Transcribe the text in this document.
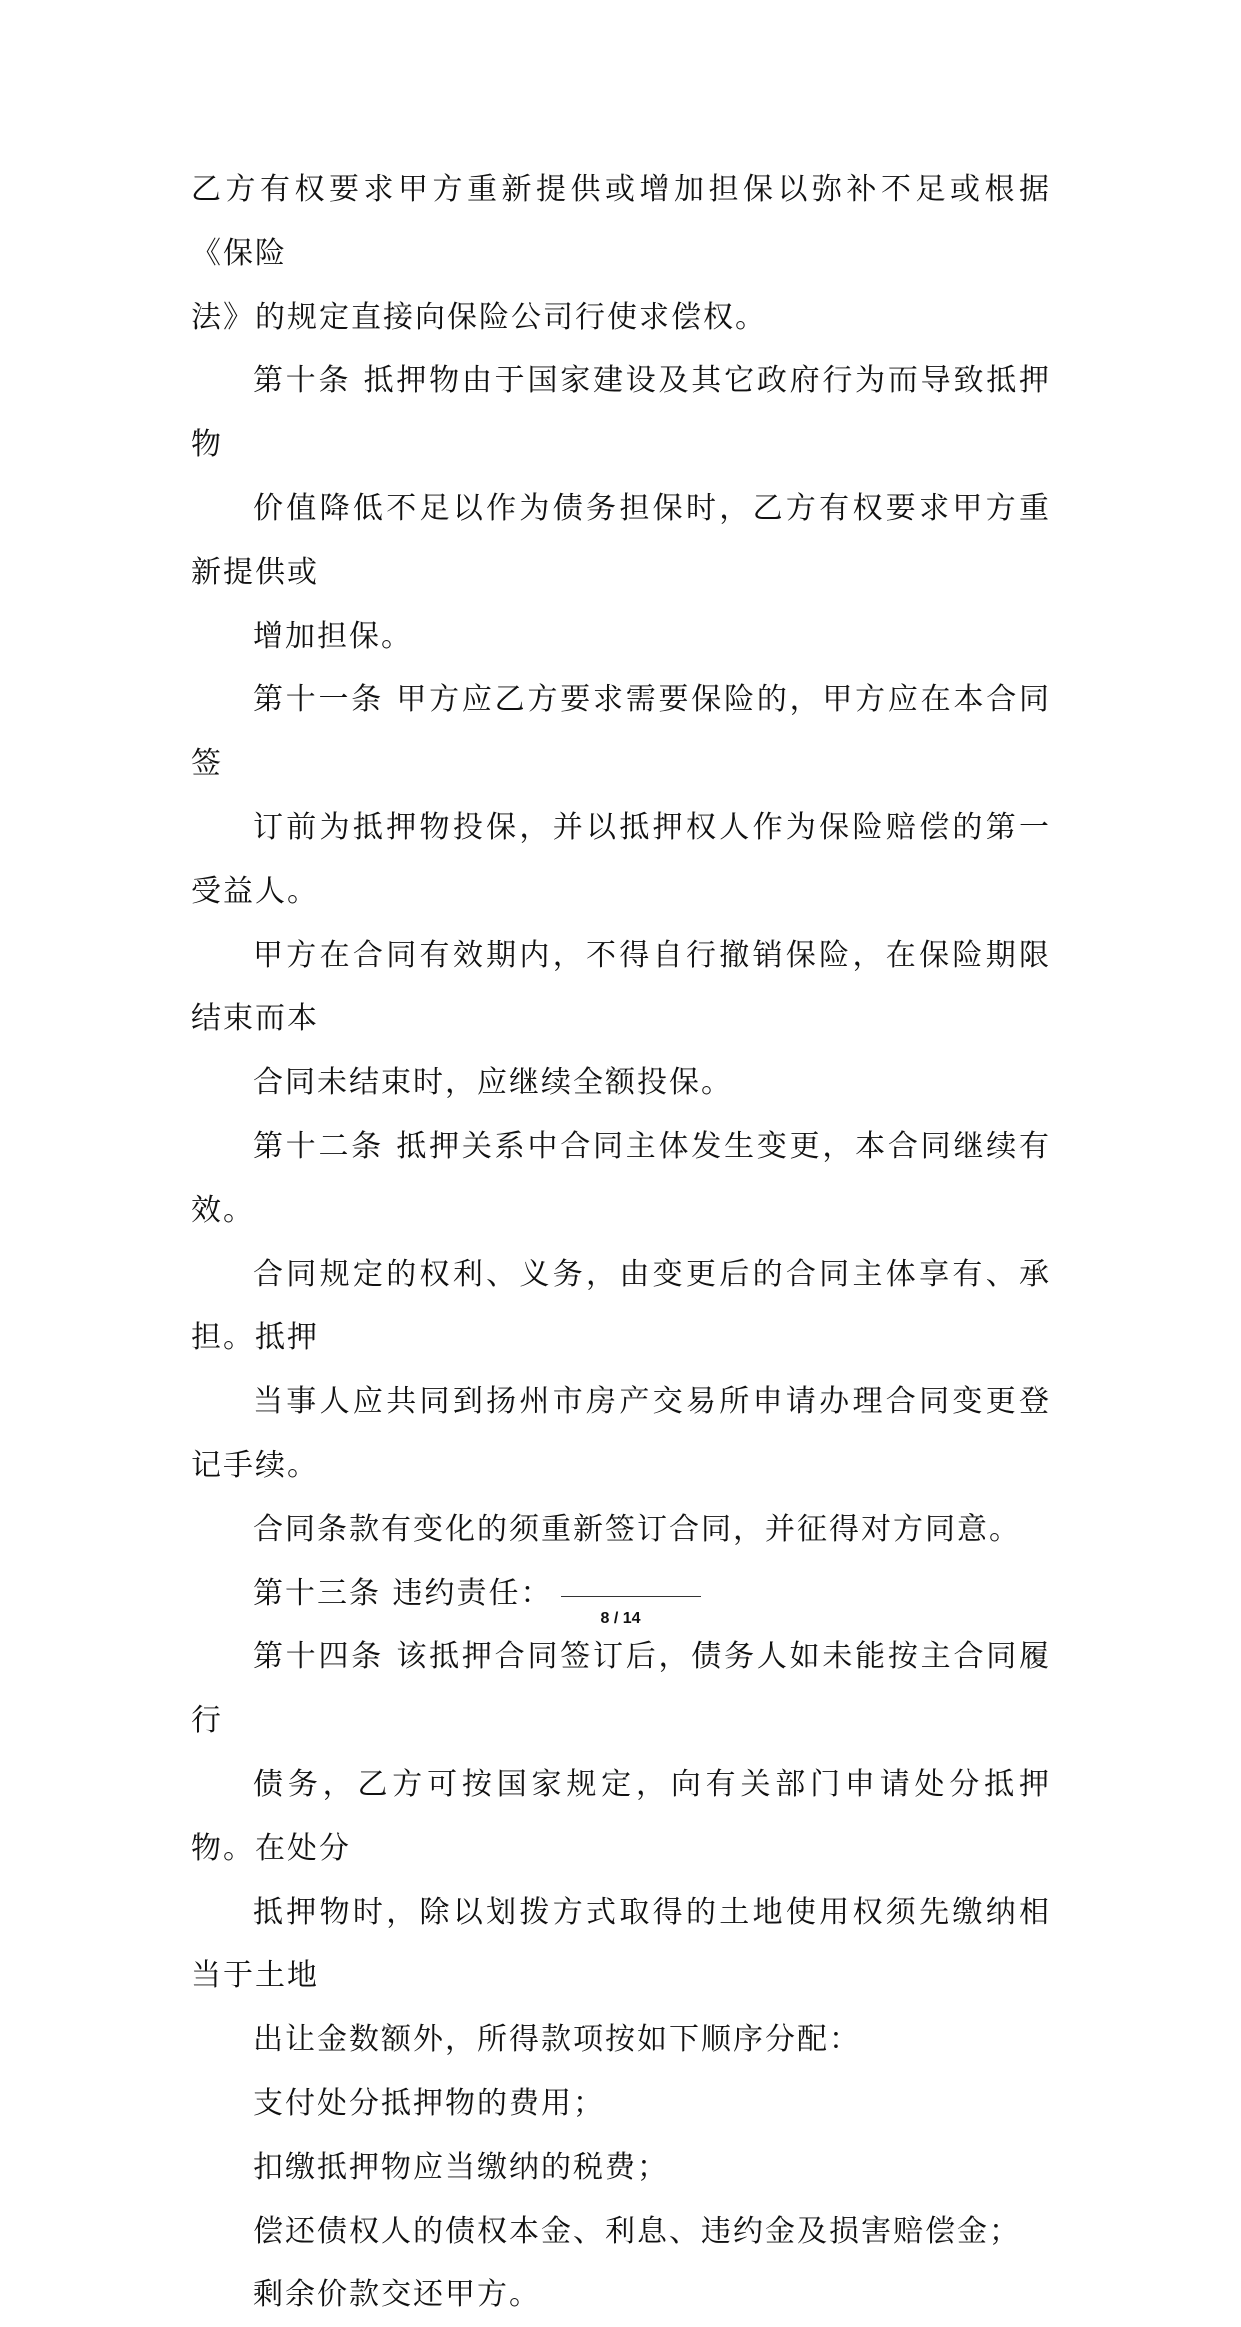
乙方有权要求甲方重新提供或增加担保以弥补不足或根据《保险
法》的规定直接向保险公司行使求偿权。

第十条 抵押物由于国家建设及其它政府行为而导致抵押物
价值降低不足以作为债务担保时，乙方有权要求甲方重新提供或
增加担保。

第十一条 甲方应乙方要求需要保险的，甲方应在本合同签
订前为抵押物投保，并以抵押权人作为保险赔偿的第一受益人。
甲方在合同有效期内，不得自行撤销保险，在保险期限结束而本
合同未结束时，应继续全额投保。

第十二条 抵押关系中合同主体发生变更，本合同继续有效。
合同规定的权利、义务，由变更后的合同主体享有、承担。抵押
当事人应共同到扬州市房产交易所申请办理合同变更登记手续。
合同条款有变化的须重新签订合同，并征得对方同意。

第十三条 违约责任：

第十四条 该抵押合同签订后，债务人如未能按主合同履行
债务，乙方可按国家规定，向有关部门申请处分抵押物。在处分
抵押物时，除以划拨方式取得的土地使用权须先缴纳相当于土地
出让金数额外，所得款项按如下顺序分配：

支付处分抵押物的费用；

扣缴抵押物应当缴纳的税费；

偿还债权人的债权本金、利息、违约金及损害赔偿金；

剩余价款交还甲方。

8 / 14
